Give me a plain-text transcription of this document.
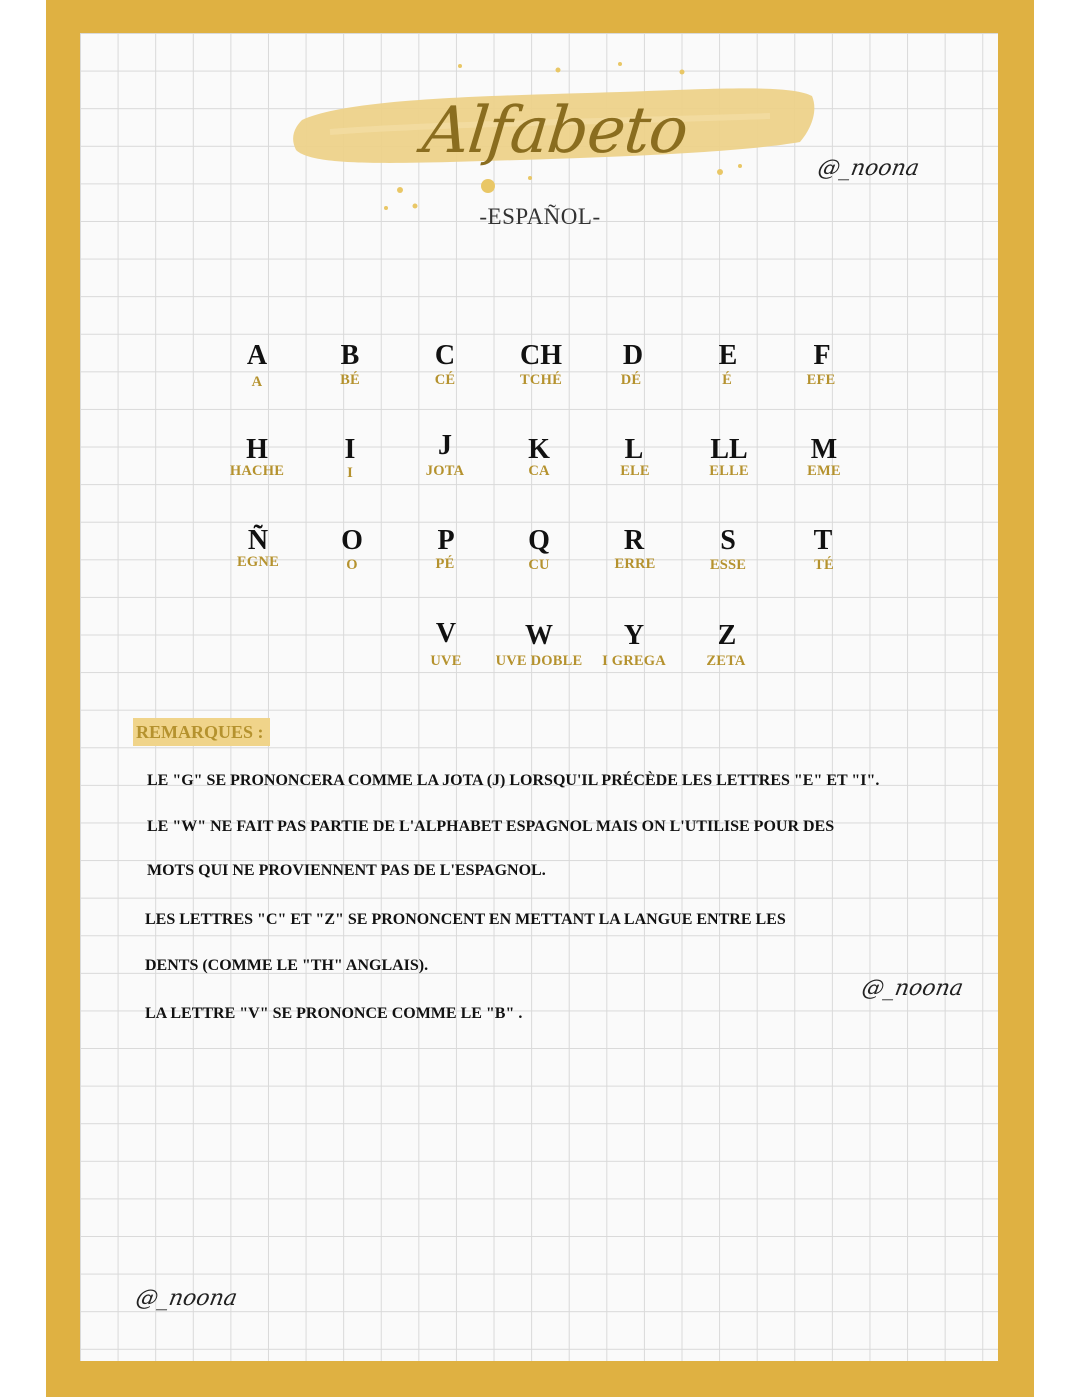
Alfabeto
-ESPAÑOL-
@_noona
@_noona
@_noona
A
A
B
BÉ
C
CÉ
CH
TCHÉ
D
DÉ
E
É
F
EFE
H
HACHE
I
I
J
JOTA
K
CA
L
ELE
LL
ELLE
M
EME
Ñ
EGNE
O
O
P
PÉ
Q
CU
R
ERRE
S
ESSE
T
TÉ
V
UVE
W
UVE DOBLE
Y
I GREGA
Z
ZETA
REMARQUES :
LE "G" SE PRONONCERA COMME LA JOTA (J) LORSQU'IL PRÉCÈDE LES LETTRES "E" ET "I".
LE "W" NE FAIT PAS PARTIE DE L'ALPHABET ESPAGNOL MAIS ON L'UTILISE POUR DES
MOTS QUI NE PROVIENNENT PAS DE L'ESPAGNOL.
LES LETTRES "C" ET "Z" SE PRONONCENT EN METTANT LA LANGUE ENTRE LES
DENTS (COMME LE "TH" ANGLAIS).
LA LETTRE "V" SE PRONONCE COMME LE "B" .
